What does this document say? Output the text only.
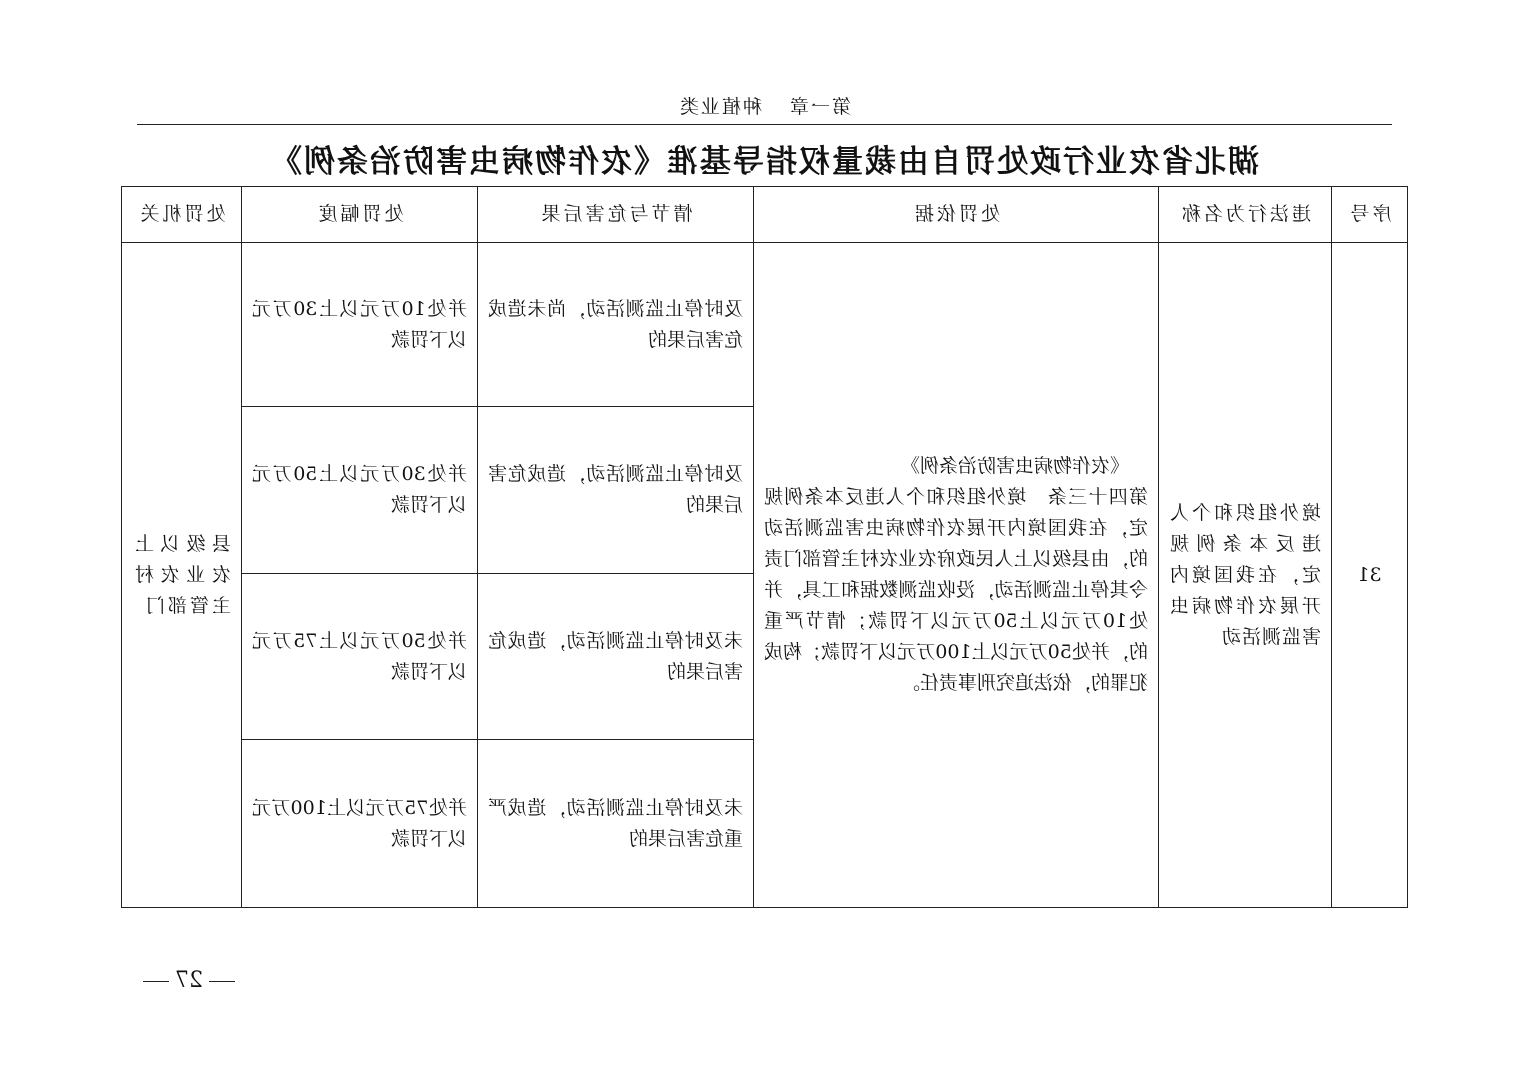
第一章种植业类
湖北省农业行政处罚自由裁量权指导基准《农作物病虫害防治条例》
处罚机关	处罚幅度	情节与危害后果	处罚依据	违法行为名称	序号

县级以上农业农村主管部门	并处10万元以上30万元以下罚款	及时停止监测活动，尚未造成危害后果的	《农作物病虫害防治条例》
第四十三条　境外组织和个人违反本条例规定，在我国境内开展农作物病虫害监测活动的，由县级以上人民政府农业农村主管部门责令其停止监测活动，没收监测数据和工具，并处10万元以上50万元以下罚款；情节严重的，并处50万元以上100万元以下罚款；构成犯罪的，依法追究刑事责任。	境外组织和个人违反本条例规定，在我国境内开展农作物病虫害监测活动	31

	并处30万元以上50万元以下罚款	及时停止监测活动，造成危害后果的			

	并处50万元以上75万元以下罚款	未及时停止监测活动，造成危害后果的			

	并处75万元以上100万元以下罚款	未及时停止监测活动，造成严重危害后果的			
27
